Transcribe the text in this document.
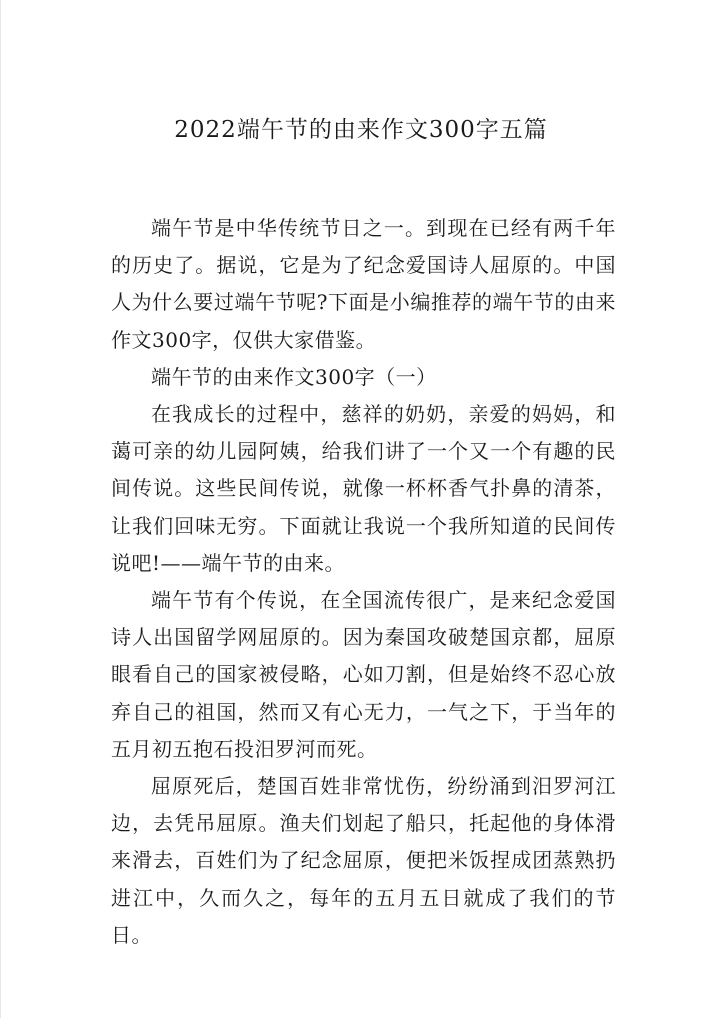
2022端午节的由来作文300字五篇

端午节是中华传统节日之一。到现在已经有两千年的历史了。据说，它是为了纪念爱国诗人屈原的。中国人为什么要过端午节呢?下面是小编推荐的端午节的由来作文300字，仅供大家借鉴。

端午节的由来作文300字（一）

在我成长的过程中，慈祥的奶奶，亲爱的妈妈，和蔼可亲的幼儿园阿姨，给我们讲了一个又一个有趣的民间传说。这些民间传说，就像一杯杯香气扑鼻的清茶，让我们回味无穷。下面就让我说一个我所知道的民间传说吧!——端午节的由来。

端午节有个传说，在全国流传很广，是来纪念爱国诗人出国留学网屈原的。因为秦国攻破楚国京都，屈原眼看自己的国家被侵略，心如刀割，但是始终不忍心放弃自己的祖国，然而又有心无力，一气之下，于当年的五月初五抱石投汨罗河而死。

屈原死后，楚国百姓非常忧伤，纷纷涌到汨罗河江边，去凭吊屈原。渔夫们划起了船只，托起他的身体滑来滑去，百姓们为了纪念屈原，便把米饭捏成团蒸熟扔进江中，久而久之，每年的五月五日就成了我们的节日。
